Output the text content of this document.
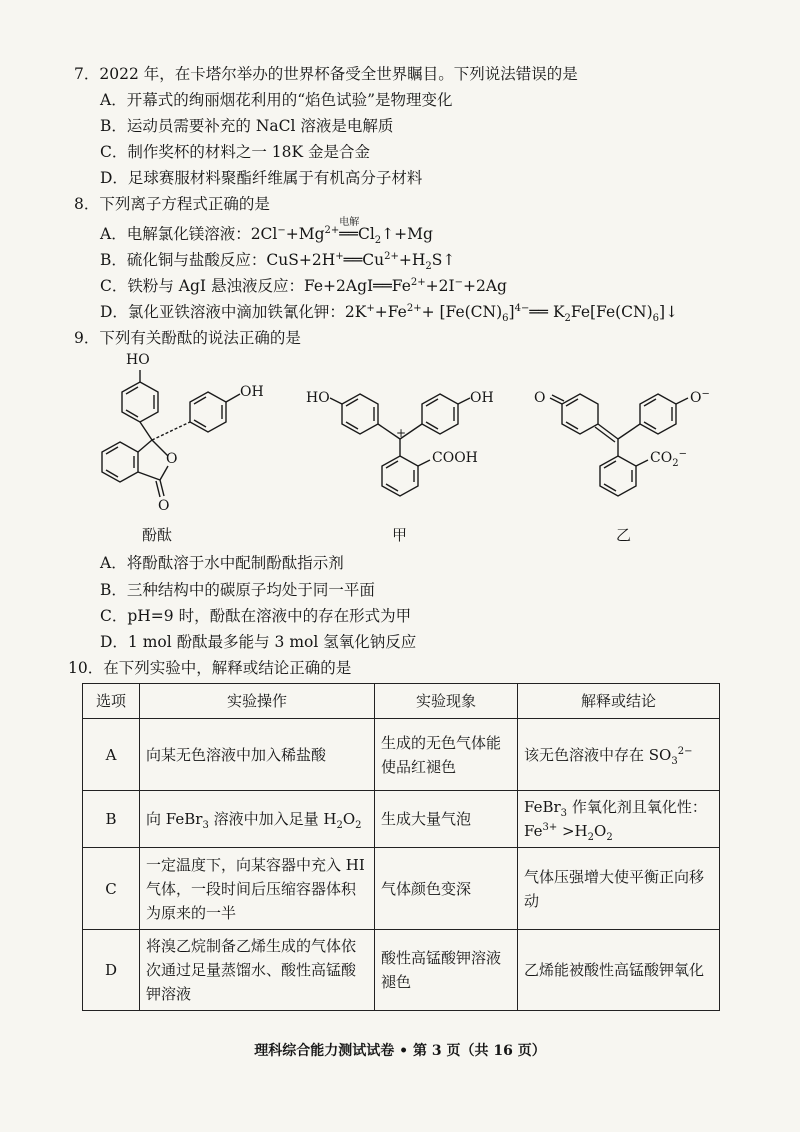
7．2022 年，在卡塔尔举办的世界杯备受全世界瞩目。下列说法错误的是
A．开幕式的绚丽烟花利用的“焰色试验”是物理变化
B．运动员需要补充的 NaCl 溶液是电解质
C．制作奖杯的材料之一 18K 金是合金
D．足球赛服材料聚酯纤维属于有机高分子材料
8．下列离子方程式正确的是
A．电解氯化镁溶液：$2Cl^-+Mg^{2+}$
电解
$══Cl_2↑+Mg$
B．硫化铜与盐酸反应：$CuS+2H^+══Cu^{2+}+H_2S↑$
C．铁粉与 AgI 悬浊液反应：$Fe+2AgI══Fe^{2+}+2I^-+2Ag$
D．氯化亚铁溶液中滴加铁氰化钾：$2K^++Fe^{2+}+$ $[Fe(CN)_6]^{4-}══$ $K_2Fe[Fe(CN)_6]↓$
9．下列有关酚酞的说法正确的是
HO
OH
O
O
酚酞
HO	OH
+
COOH
甲
O	O−
$CO_2^-$
乙
A．将酚酞溶于水中配制酚酞指示剂
B．三种结构中的碳原子均处于同一平面
C．pH=9 时，酚酞在溶液中的存在形式为甲
D．1 mol 酚酞最多能与 3 mol 氢氧化钠反应
10．在下列实验中，解释或结论正确的是
选项	实验操作	实验现象	解释或结论
A	向某无色溶液中加入稀盐酸	生成的无色气体能使品红褪色	该无色溶液中存在 $SO_3^{2-}$
B	向 FeBr$_3$ 溶液中加入足量 $H_2O_2$	生成大量气泡	FeBr$_3$ 作氧化剂且氧化性：$Fe^{3+} >H_2O_2$
C	一定温度下，向某容器中充入 HI 气体，一段时间后压缩容器体积为原来的一半	气体颜色变深	气体压强增大使平衡正向移动
D	将溴乙烷制备乙烯生成的气体依次通过足量蒸馏水、酸性高锰酸钾溶液	酸性高锰酸钾溶液褪色	乙烯能被酸性高锰酸钾氧化
理科综合能力测试试卷 • 第 3 页（共 16 页）
